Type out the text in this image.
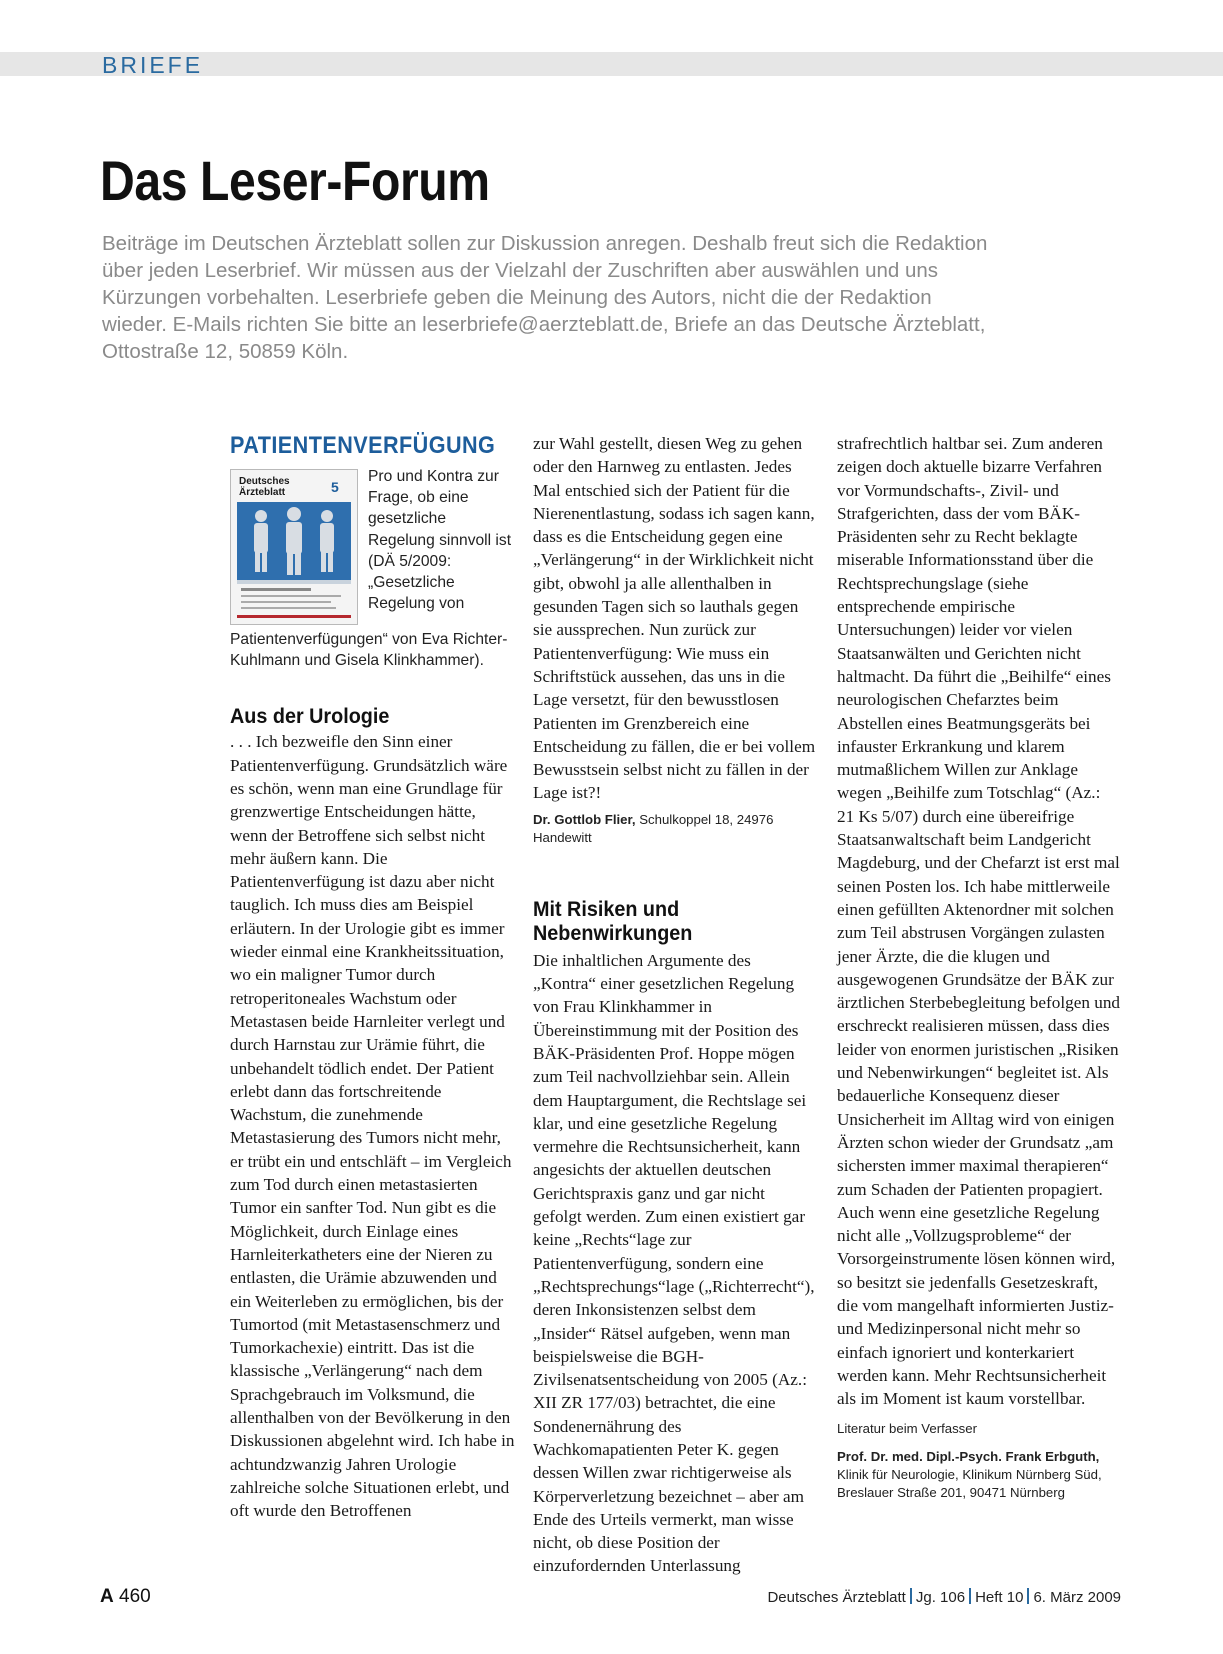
BRIEFE
Das Leser-Forum

Beiträge im Deutschen Ärzteblatt sollen zur Diskussion anregen. Deshalb freut sich die Redaktion über jeden Leserbrief. Wir müssen aus der Vielzahl der Zuschriften aber auswählen und uns Kürzungen vorbehalten. Leserbriefe geben die Meinung des Autors, nicht die der Redaktion wieder. E-Mails richten Sie bitte an leserbriefe@aerzteblatt.de, Briefe an das Deutsche Ärzteblatt, Ottostraße 12, 50859 Köln.

PATIENTENVERFÜGUNG
Deutsches
Ärzteblatt	5
Pro und Kontra zur Frage, ob eine gesetzliche Regelung sinnvoll ist (DÄ 5/2009: „Gesetzliche Regelung von Patientenverfügungen“ von Eva Richter-Kuhlmann und Gisela Klinkhammer).
Aus der Urologie

. . . Ich bezweifle den Sinn einer Patientenverfügung. Grundsätzlich wäre es schön, wenn man eine Grundlage für grenzwertige Entscheidungen hätte, wenn der Betroffene sich selbst nicht mehr äußern kann. Die Patientenverfügung ist dazu aber nicht tauglich. Ich muss dies am Beispiel erläutern. In der Urologie gibt es immer wieder einmal eine Krankheitssituation, wo ein maligner Tumor durch retroperitoneales Wachstum oder Metastasen beide Harnleiter verlegt und durch Harnstau zur Urämie führt, die unbehandelt tödlich endet. Der Patient erlebt dann das fortschreitende Wachstum, die zunehmende Metastasierung des Tumors nicht mehr, er trübt ein und entschläft – im Vergleich zum Tod durch einen metastasierten Tumor ein sanfter Tod. Nun gibt es die Möglichkeit, durch Einlage eines Harnleiterkatheters eine der Nieren zu entlasten, die Urämie abzuwenden und ein Weiterleben zu ermöglichen, bis der Tumortod (mit Metastasenschmerz und Tumorkachexie) eintritt. Das ist die klassische „Verlängerung“ nach dem Sprachgebrauch im Volksmund, die allenthalben von der Bevölkerung in den Diskussionen abgelehnt wird. Ich habe in achtundzwanzig Jahren Urologie zahlreiche solche Situationen erlebt, und oft wurde den Betroffenen

zur Wahl gestellt, diesen Weg zu gehen oder den Harnweg zu entlasten. Jedes Mal entschied sich der Patient für die Nierenentlastung, sodass ich sagen kann, dass es die Entscheidung gegen eine „Verlängerung“ in der Wirklichkeit nicht gibt, obwohl ja alle allenthalben in gesunden Tagen sich so lauthals gegen sie aussprechen. Nun zurück zur Patientenverfügung: Wie muss ein Schriftstück aussehen, das uns in die Lage versetzt, für den bewusstlosen Patienten im Grenzbereich eine Entscheidung zu fällen, die er bei vollem Bewusstsein selbst nicht zu fällen in der Lage ist?!

Dr. Gottlob Flier, Schulkoppel 18, 24976 Handewitt
Mit Risiken und Nebenwirkungen

Die inhaltlichen Argumente des „Kontra“ einer gesetzlichen Regelung von Frau Klinkhammer in Übereinstimmung mit der Position des BÄK-Präsidenten Prof. Hoppe mögen zum Teil nachvollziehbar sein. Allein dem Hauptargument, die Rechtslage sei klar, und eine gesetzliche Regelung vermehre die Rechtsunsicherheit, kann angesichts der aktuellen deutschen Gerichtspraxis ganz und gar nicht gefolgt werden. Zum einen existiert gar keine „Rechts“lage zur Patientenverfügung, sondern eine „Rechtsprechungs“lage („Richterrecht“), deren Inkonsistenzen selbst dem „Insider“ Rätsel aufgeben, wenn man beispielsweise die BGH-Zivilsenatsentscheidung von 2005 (Az.: XII ZR 177/03) betrachtet, die eine Sondenernährung des Wachkomapatienten Peter K. gegen dessen Willen zwar richtigerweise als Körperverletzung bezeichnet – aber am Ende des Urteils vermerkt, man wisse nicht, ob diese Position der einzufordernden Unterlassung

strafrechtlich haltbar sei. Zum anderen zeigen doch aktuelle bizarre Verfahren vor Vormundschafts-, Zivil- und Strafgerichten, dass der vom BÄK-Präsidenten sehr zu Recht beklagte miserable Informationsstand über die Rechtsprechungslage (siehe entsprechende empirische Untersuchungen) leider vor vielen Staatsanwälten und Gerichten nicht haltmacht. Da führt die „Beihilfe“ eines neurologischen Chefarztes beim Abstellen eines Beatmungsgeräts bei infauster Erkrankung und klarem mutmaßlichem Willen zur Anklage wegen „Beihilfe zum Totschlag“ (Az.: 21 Ks 5/07) durch eine übereifrige Staatsanwaltschaft beim Landgericht Magdeburg, und der Chefarzt ist erst mal seinen Posten los. Ich habe mittlerweile einen gefüllten Aktenordner mit solchen zum Teil abstrusen Vorgängen zulasten jener Ärzte, die die klugen und ausgewogenen Grundsätze der BÄK zur ärztlichen Sterbebegleitung befolgen und erschreckt realisieren müssen, dass dies leider von enormen juristischen „Risiken und Nebenwirkungen“ begleitet ist. Als bedauerliche Konsequenz dieser Unsicherheit im Alltag wird von einigen Ärzten schon wieder der Grundsatz „am sichersten immer maximal therapieren“ zum Schaden der Patienten propagiert. Auch wenn eine gesetzliche Regelung nicht alle „Vollzugsprobleme“ der Vorsorgeinstrumente lösen können wird, so besitzt sie jedenfalls Gesetzeskraft, die vom mangelhaft informierten Justiz- und Medizinpersonal nicht mehr so einfach ignoriert und konterkariert werden kann. Mehr Rechtsunsicherheit als im Moment ist kaum vorstellbar.

Literatur beim Verfasser
Prof. Dr. med. Dipl.-Psych. Frank Erbguth,
Klinik für Neurologie, Klinikum Nürnberg Süd,
Breslauer Straße 201, 90471 Nürnberg
A 460	Deutsches Ärzteblatt Jg. 106 Heft 10 6. März 2009
